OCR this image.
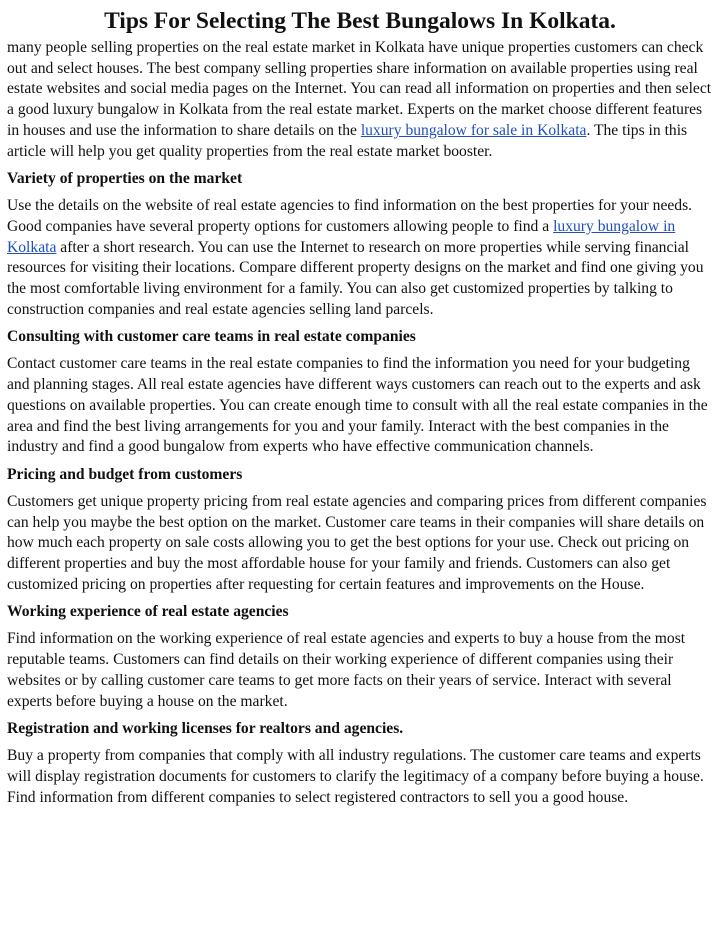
Tips For Selecting The Best Bungalows In Kolkata.

many people selling properties on the real estate market in Kolkata have unique properties customers can check out and select houses. The best company selling properties share information on available properties using real estate websites and social media pages on the Internet. You can read all information on properties and then select a good luxury bungalow in Kolkata from the real estate market. Experts on the market choose different features in houses and use the information to share details on the luxury bungalow for sale in Kolkata. The tips in this article will help you get quality properties from the real estate market booster.

Variety of properties on the market

Use the details on the website of real estate agencies to find information on the best properties for your needs. Good companies have several property options for customers allowing people to find a luxury bungalow in Kolkata after a short research. You can use the Internet to research on more properties while serving financial resources for visiting their locations. Compare different property designs on the market and find one giving you the most comfortable living environment for a family. You can also get customized properties by talking to construction companies and real estate agencies selling land parcels.

Consulting with customer care teams in real estate companies

Contact customer care teams in the real estate companies to find the information you need for your budgeting and planning stages. All real estate agencies have different ways customers can reach out to the experts and ask questions on available properties. You can create enough time to consult with all the real estate companies in the area and find the best living arrangements for you and your family. Interact with the best companies in the industry and find a good bungalow from experts who have effective communication channels.

Pricing and budget from customers

Customers get unique property pricing from real estate agencies and comparing prices from different companies can help you maybe the best option on the market. Customer care teams in their companies will share details on how much each property on sale costs allowing you to get the best options for your use. Check out pricing on different properties and buy the most affordable house for your family and friends. Customers can also get customized pricing on properties after requesting for certain features and improvements on the House.

Working experience of real estate agencies

Find information on the working experience of real estate agencies and experts to buy a house from the most reputable teams. Customers can find details on their working experience of different companies using their websites or by calling customer care teams to get more facts on their years of service. Interact with several experts before buying a house on the market.

Registration and working licenses for realtors and agencies.

Buy a property from companies that comply with all industry regulations. The customer care teams and experts will display registration documents for customers to clarify the legitimacy of a company before buying a house. Find information from different companies to select registered contractors to sell you a good house.
